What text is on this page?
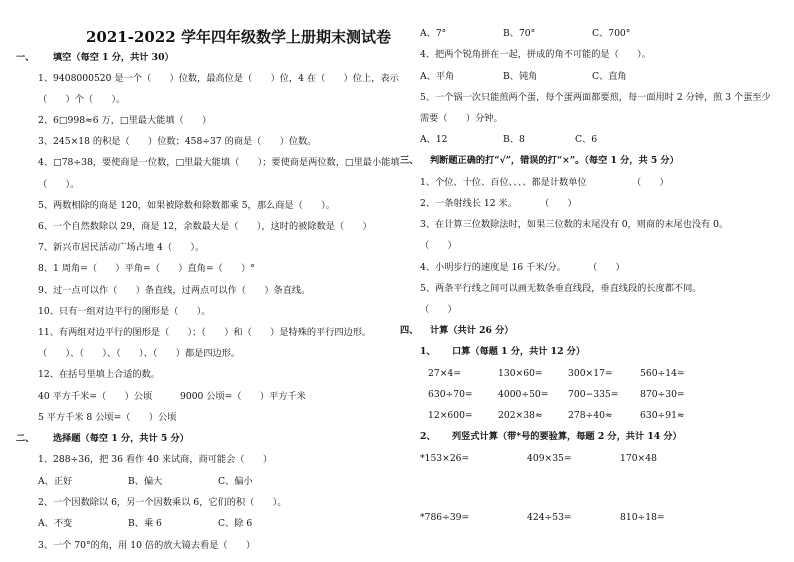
2021-2022 学年四年级数学上册期末测试卷
一、 填空（每空 1 分，共计 30）
1、9408000520 是一个（　　）位数，最高位是（　　）位，4 在（　　）位上，表示
（　　）个（　　）。
2、6□998≈6 万，□里最大能填（　　）
3、245×18 的积是（　　）位数；458÷37 的商是（　　）位数。
4、□78÷38，要使商是一位数，□里最大能填（　　）；要使商是两位数，□里最小能填
（　　）。
5、两数相除的商是 120，如果被除数和除数都乘 5，那么商是（　　）。
6、一个自然数除以 29，商是 12，余数最大是（　　），这时的被除数是（　　）
7、新兴市居民活动广场占地 4（　　）。
8、1 周角=（　　）平角=（　　）直角=（　　）°
9、过一点可以作（　　）条直线，过两点可以作（　　）条直线。
10、只有一组对边平行的图形是（　　）。
11、有两组对边平行的图形是（　　）；（　　）和（　　）是特殊的平行四边形。
（　　）、（　　）、（　　）、（　　）都是四边形。
12、在括号里填上合适的数。
40 平方千米=（　　）公顷	9000 公顷=（　　）平方千米
5 平方千米 8 公顷=（　　）公顷
二、 选择题（每空 1 分，共计 5 分）
1、288÷36，把 36 看作 40 来试商，商可能会（　　）
A、正好	B、偏大	C、偏小
2、一个因数除以 6，另一个因数乘以 6，它们的积（　　）。
A、不变	B、乘 6	C、除 6
3、一个 70°的角，用 10 倍的放大镜去看是（　　）
A、7°	B、70°	C、700°
4、把两个锐角拼在一起，拼成的角不可能的是（　　）。
A、平角	B、钝角	C、直角
5、一个锅一次只能煎两个蛋，每个蛋两面都要煎，每一面用时 2 分钟，煎 3 个蛋至少
需要（　　）分钟。
A、12	B、8	C、6
三、 判断题正确的打“√”，错误的打“×”。（每空 1 分，共 5 分）
1、个位、十位、百位、、、、都是计数单位	（　　）
2、一条射线长 12 米。	（　　）
3、在计算三位数除法时，如果三位数的末尾没有 0，则商的末尾也没有 0。
（　　）
4、小明步行的速度是 16 千米/分。 （　　）
5、两条平行线之间可以画无数条垂直线段，垂直线段的长度都不同。
（　　）
四、 计算（共计 26 分）
1、 口算（每题 1 分，共计 12 分）
27×4=	130×60=	300×17=	560÷14=
630÷70=	4000÷50= 700−335= 870÷30=
12×600=	202×38≈	278÷40≈	630÷91≈
2、 列竖式计算（带*号的要验算，每题 2 分，共计 14 分）
*153×26=	409×35=	170×48
*786÷39=	424÷53=	810÷18=
